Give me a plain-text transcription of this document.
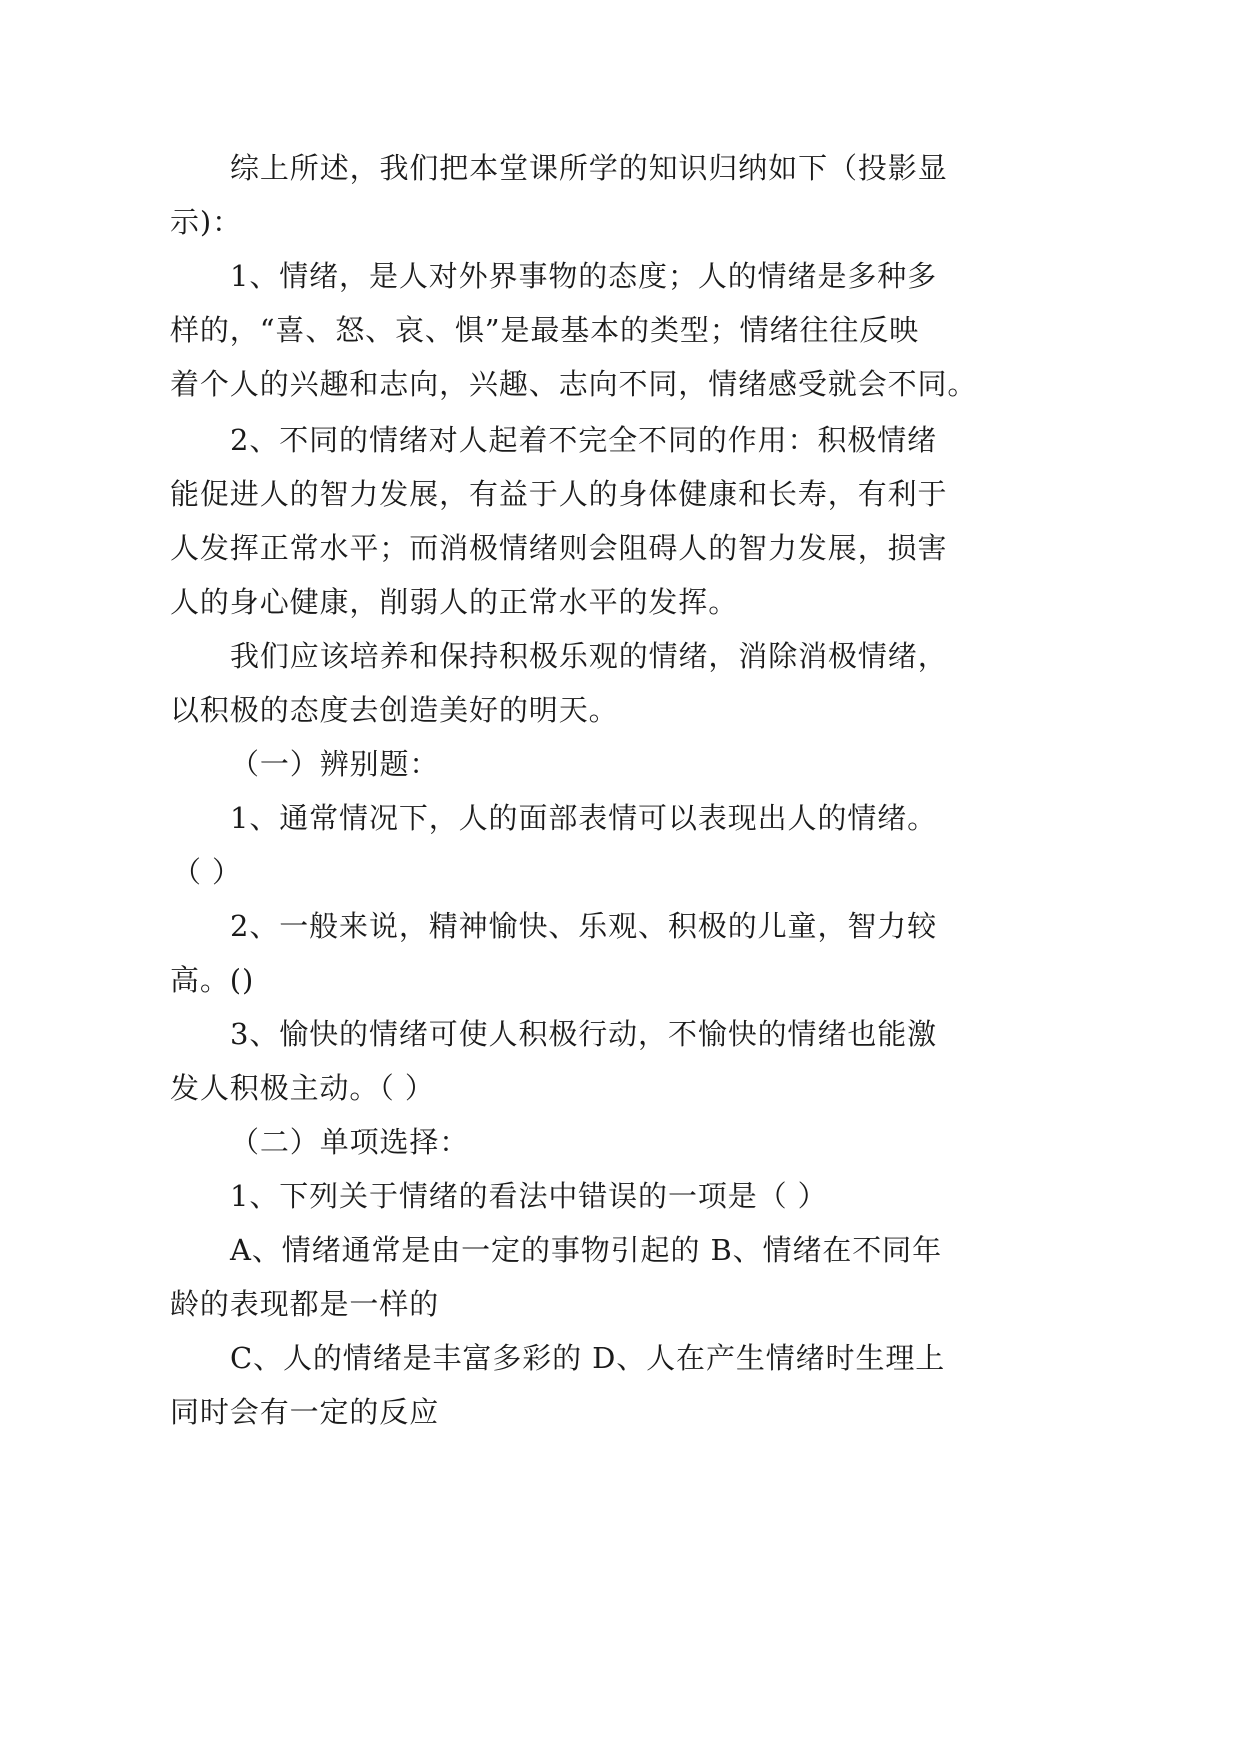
综上所述，我们把本堂课所学的知识归纳如下（投影显
示)：
1、情绪，是人对外界事物的态度；人的情绪是多种多
样的，“喜、怒、哀、惧”是最基本的类型；情绪往往反映
着个人的兴趣和志向，兴趣、志向不同，情绪感受就会不同。
2、不同的情绪对人起着不完全不同的作用：积极情绪
能促进人的智力发展，有益于人的身体健康和长寿，有利于
人发挥正常水平；而消极情绪则会阻碍人的智力发展，损害
人的身心健康，削弱人的正常水平的发挥。
我们应该培养和保持积极乐观的情绪，消除消极情绪，
以积极的态度去创造美好的明天。
（一）辨别题：
1、通常情况下，人的面部表情可以表现出人的情绪。
（ ）
2、一般来说，精神愉快、乐观、积极的儿童，智力较
高。()
3、愉快的情绪可使人积极行动，不愉快的情绪也能激
发人积极主动。（ ）
（二）单项选择：
1、下列关于情绪的看法中错误的一项是（ ）
A、情绪通常是由一定的事物引起的 B、情绪在不同年
龄的表现都是一样的
C、人的情绪是丰富多彩的 D、人在产生情绪时生理上
同时会有一定的反应
